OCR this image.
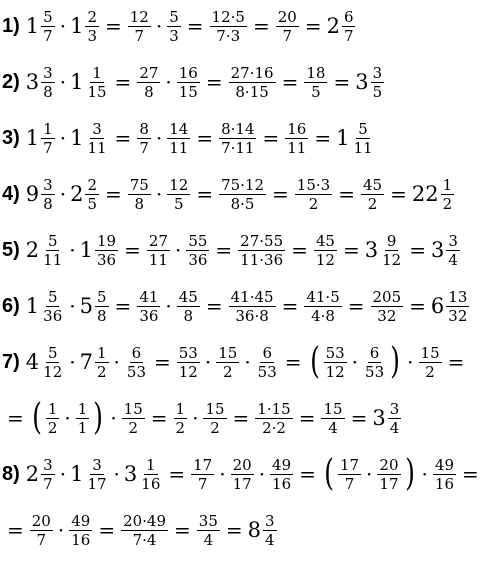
1) $1 \frac{5}{7} \cdot 1 \frac{2}{3} = \frac{12}{7} \cdot \frac{5}{3} = \frac{12\cdot 5}{7\cdot 3} = \frac{20}{7} = 2 \frac{6}{7}$
2) $3 \frac{3}{8} \cdot 1 \frac{1}{15} = \frac{27}{8} \cdot \frac{16}{15} = \frac{27\cdot 16}{8\cdot 15} = \frac{18}{5} = 3 \frac{3}{5}$
3) $1 \frac{1}{7} \cdot 1 \frac{3}{11} = \frac{8}{7} \cdot \frac{14}{11} = \frac{8\cdot 14}{7\cdot 11} = \frac{16}{11} = 1 \frac{5}{11}$
4) $9 \frac{3}{8} \cdot 2 \frac{2}{5} = \frac{75}{8} \cdot \frac{12}{5} = \frac{75\cdot 12}{8\cdot 5} = \frac{15\cdot 3}{2} = \frac{45}{2} = 22 \frac{1}{2}$
5) $2 \frac{5}{11} \cdot 1 \frac{19}{36} = \frac{27}{11} \cdot \frac{55}{36} = \frac{27\cdot 55}{11\cdot 36} = \frac{45}{12} = 3 \frac{9}{12} = 3 \frac{3}{4}$
6) $1 \frac{5}{36} \cdot 5 \frac{5}{8} = \frac{41}{36} \cdot \frac{45}{8} = \frac{41\cdot 45}{36\cdot 8} = \frac{41\cdot 5}{4\cdot 8} = \frac{205}{32} = 6 \frac{13}{32}$
7) $4 \frac{5}{12} \cdot 7 \frac{1}{2} \cdot \frac{6}{53} = \frac{53}{12} \cdot \frac{15}{2} \cdot \frac{6}{53}$ = ( $\frac{53}{12} \cdot \frac{6}{53}$ ) · $\frac{15}{2}$ =
= ( $\frac{1}{2} \cdot \frac{1}{1}$ ) · $\frac{15}{2} = \frac{1}{2} \cdot \frac{15}{2} = \frac{1\cdot 15}{2\cdot 2} = \frac{15}{4} = 3 \frac{3}{4}$
8) $2 \frac{3}{7} \cdot 1 \frac{3}{17} \cdot 3 \frac{1}{16} = \frac{17}{7} \cdot \frac{20}{17} \cdot \frac{49}{16}$ = ( $\frac{17}{7} \cdot \frac{20}{17}$ ) · $\frac{49}{16}$ =
= $\frac{20}{7} \cdot \frac{49}{16} = \frac{20\cdot 49}{7\cdot 4} = \frac{35}{4} = 8 \frac{3}{4}$
